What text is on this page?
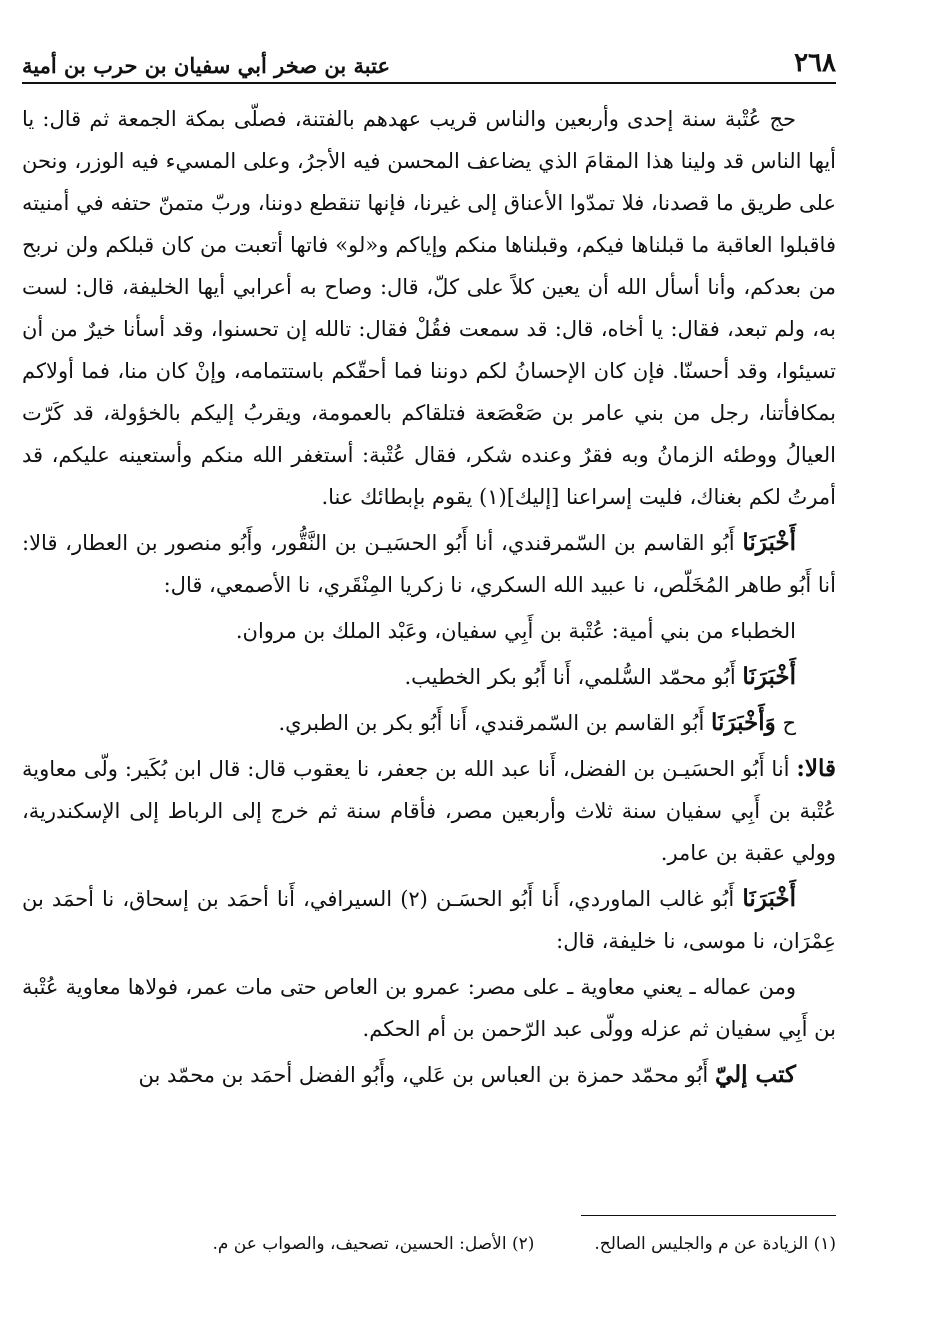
٢٦٨
عتبة بن صخر أبي سفيان بن حرب بن أمية

حج عُتْبة سنة إحدى وأربعين والناس قريب عهدهم بالفتنة، فصلّى بمكة الجمعة ثم قال: يا أيها الناس قد ولينا هذا المقامَ الذي يضاعف المحسن فيه الأجرُ، وعلى المسيء فيه الوزر، ونحن على طريق ما قصدنا، فلا تمدّوا الأعناق إلى غيرنا، فإنها تنقطع دوننا، وربّ متمنّ حتفه في أمنيته فاقبلوا العاقبة ما قبلناها فيكم، وقبلناها منكم وإياكم و«لو» فاتها أتعبت من كان قبلكم ولن نربح من بعدكم، وأنا أسأل الله أن يعين كلاً على كلّ، قال: وصاح به أعرابي أيها الخليفة، قال: لست به، ولم تبعد، فقال: يا أخاه، قال: قد سمعت فقُلْ فقال: تالله إن تحسنوا، وقد أسأنا خيرٌ من أن تسيئوا، وقد أحسنّا. فإن كان الإحسانُ لكم دوننا فما أحقّكم باستتمامه، وإنْ كان منا، فما أولاكم بمكافأتنا، رجل من بني عامر بن صَعْصَعة فتلقاكم بالعمومة، ويقربُ إليكم بالخؤولة، قد كَرّت العيالُ ووطئه الزمانُ وبه فقرٌ وعنده شكر، فقال عُتْبة: أستغفر الله منكم وأستعينه عليكم، قد أمرتُ لكم بغناك، فليت إسراعنا [إليك](١) يقوم بإبطائك عنا.

أَخْبَرَنَا أَبُو القاسم بن السّمرقندي، أنا أَبُو الحسَيـن بن النَّقُّور، وأَبُو منصور بن العطار، قالا: أنا أَبُو طاهر المُخَلّص، نا عبيد الله السكري، نا زكريا المِنْقَري، نا الأصمعي، قال:

الخطباء من بني أمية: عُتْبة بن أَبِي سفيان، وعَبْد الملك بن مروان.

أَخْبَرَنَا أَبُو محمّد السُّلمي، أَنا أَبُو بكر الخطيب.

ح وَأَخْبَرَنَا أَبُو القاسم بن السّمرقندي، أَنا أَبُو بكر بن الطبري.

قالا: أنا أَبُو الحسَيـن بن الفضل، أَنا عبد الله بن جعفر، نا يعقوب قال: قال ابن بُكَير: ولّى معاوية عُتْبة بن أَبِي سفيان سنة ثلاث وأربعين مصر، فأقام سنة ثم خرج إلى الرباط إلى الإسكندرية، وولي عقبة بن عامر.

أَخْبَرَنَا أَبُو غالب الماوردي، أَنا أَبُو الحسَـن (٢) السيرافي، أَنا أحمَد بن إسحاق، نا أحمَد بن عِمْرَان، نا موسى، نا خليفة، قال:

ومن عماله ـ يعني معاوية ـ على مصر: عمرو بن العاص حتى مات عمر، فولاها معاوية عُتْبة بن أَبِي سفيان ثم عزله وولّى عبد الرّحمن بن أم الحكم.

كتب إليّ أَبُو محمّد حمزة بن العباس بن عَلي، وأَبُو الفضل أحمَد بن محمّد بن

(١) الزيادة عن م والجليس الصالح.
(٢) الأصل: الحسين، تصحيف، والصواب عن م.
